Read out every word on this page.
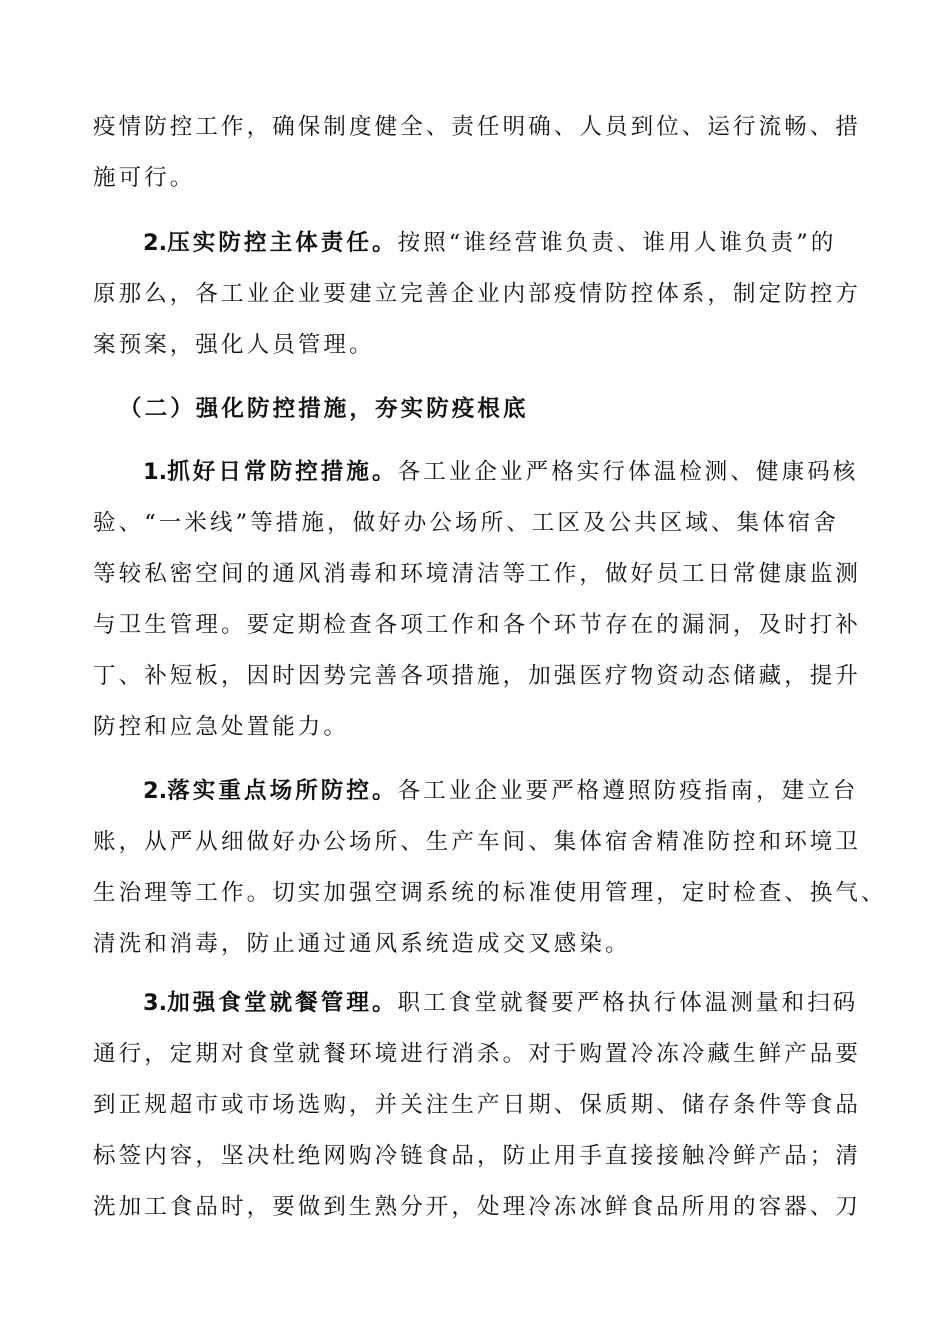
疫情防控工作，确保制度健全、责任明确、人员到位、运行流畅、措
施可行。
2.压实防控主体责任。按照“谁经营谁负责、谁用人谁负责”的
原那么，各工业企业要建立完善企业内部疫情防控体系，制定防控方
案预案，强化人员管理。
（二）强化防控措施，夯实防疫根底
1.抓好日常防控措施。各工业企业严格实行体温检测、健康码核
验、“一米线”等措施，做好办公场所、工区及公共区域、集体宿舍
等较私密空间的通风消毒和环境清洁等工作，做好员工日常健康监测
与卫生管理。要定期检查各项工作和各个环节存在的漏洞，及时打补
丁、补短板，因时因势完善各项措施，加强医疗物资动态储藏，提升
防控和应急处置能力。
2.落实重点场所防控。各工业企业要严格遵照防疫指南，建立台
账，从严从细做好办公场所、生产车间、集体宿舍精准防控和环境卫
生治理等工作。切实加强空调系统的标准使用管理，定时检查、换气、
清洗和消毒，防止通过通风系统造成交叉感染。
3.加强食堂就餐管理。职工食堂就餐要严格执行体温测量和扫码
通行，定期对食堂就餐环境进行消杀。对于购置冷冻冷藏生鲜产品要
到正规超市或市场选购，并关注生产日期、保质期、储存条件等食品
标签内容，坚决杜绝网购冷链食品，防止用手直接接触冷鲜产品；清
洗加工食品时，要做到生熟分开，处理冷冻冰鲜食品所用的容器、刀
